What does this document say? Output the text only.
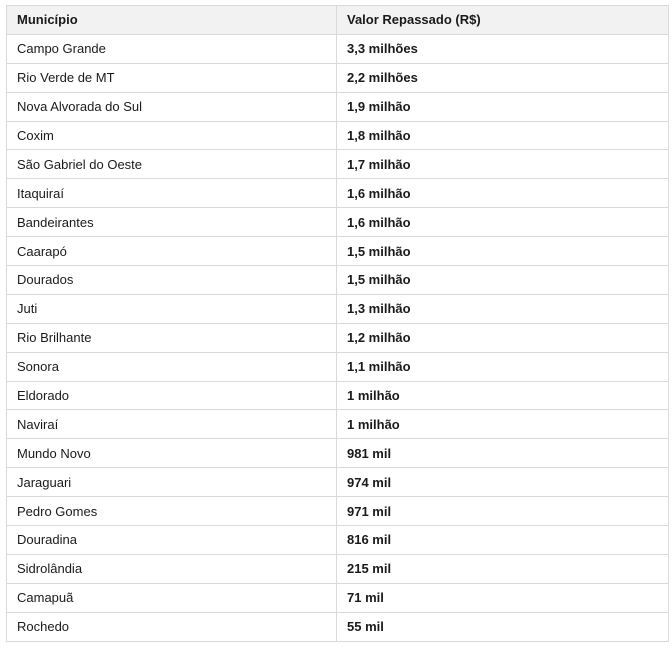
Município	Valor Repassado (R$)
Campo Grande	3,3 milhões
Rio Verde de MT	2,2 milhões
Nova Alvorada do Sul	1,9 milhão
Coxim	1,8 milhão
São Gabriel do Oeste	1,7 milhão
Itaquiraí	1,6 milhão
Bandeirantes	1,6 milhão
Caarapó	1,5 milhão
Dourados	1,5 milhão
Juti	1,3 milhão
Rio Brilhante	1,2 milhão
Sonora	1,1 milhão
Eldorado	1 milhão
Naviraí	1 milhão
Mundo Novo	981 mil
Jaraguari	974 mil
Pedro Gomes	971 mil
Douradina	816 mil
Sidrolândia	215 mil
Camapuã	71 mil
Rochedo	55 mil
